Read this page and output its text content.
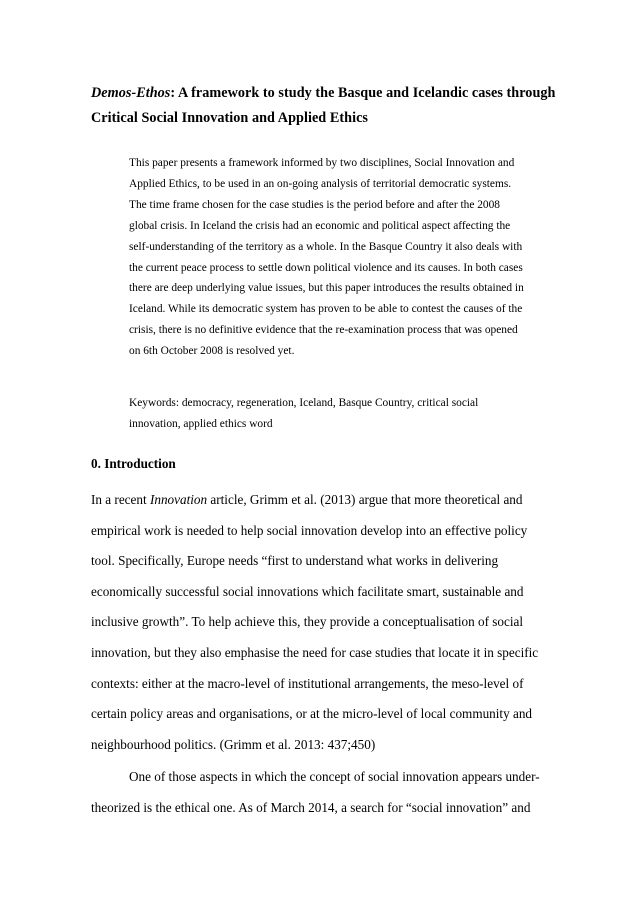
Demos-Ethos: A framework to study the Basque and Icelandic cases through Critical Social Innovation and Applied Ethics

This paper presents a framework informed by two disciplines, Social Innovation and Applied Ethics, to be used in an on-going analysis of territorial democratic systems. The time frame chosen for the case studies is the period before and after the 2008 global crisis. In Iceland the crisis had an economic and political aspect affecting the self-understanding of the territory as a whole. In the Basque Country it also deals with the current peace process to settle down political violence and its causes. In both cases there are deep underlying value issues, but this paper introduces the results obtained in Iceland. While its democratic system has proven to be able to contest the causes of the crisis, there is no definitive evidence that the re-examination process that was opened on 6th October 2008 is resolved yet.

Keywords: democracy, regeneration, Iceland, Basque Country, critical social innovation, applied ethics word

0. Introduction

In a recent Innovation article, Grimm et al. (2013) argue that more theoretical and empirical work is needed to help social innovation develop into an effective policy tool. Specifically, Europe needs “first to understand what works in delivering economically successful social innovations which facilitate smart, sustainable and inclusive growth”. To help achieve this, they provide a conceptualisation of social innovation, but they also emphasise the need for case studies that locate it in specific contexts: either at the macro-level of institutional arrangements, the meso-level of certain policy areas and organisations, or at the micro-level of local community and neighbourhood politics. (Grimm et al. 2013: 437;450)

One of those aspects in which the concept of social innovation appears under-theorized is the ethical one. As of March 2014, a search for “social innovation” and
